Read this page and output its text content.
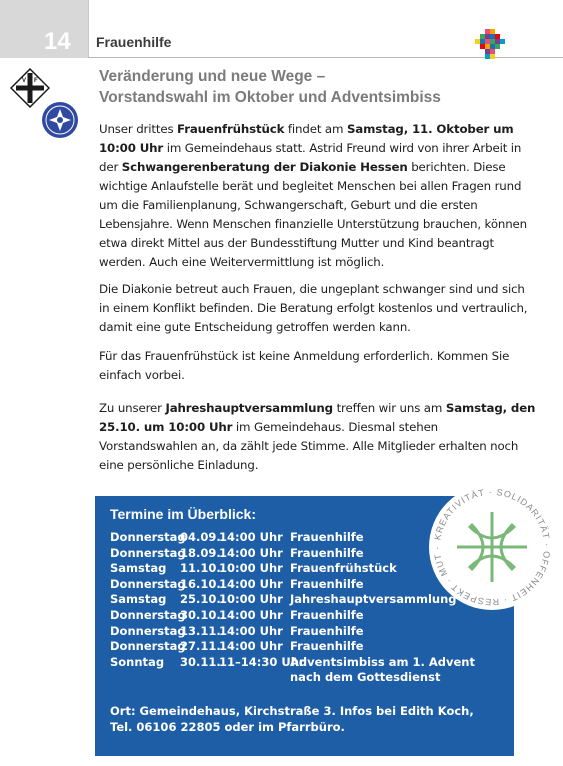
14 Frauenhilfe
V F	Veränderung und neue Wege –
Vorstandswahl im Oktober und Adventsimbiss

Unser drittes Frauenfrühstück findet am Samstag, 11. Oktober um 10:00 Uhr im Gemeindehaus statt. Astrid Freund wird von ihrer Arbeit in der Schwangerenberatung der Diakonie Hessen berichten. Diese wichtige Anlaufstelle berät und begleitet Menschen bei allen Fragen rund um die Familienplanung, Schwangerschaft, Geburt und die ersten Lebensjahre. Wenn Menschen finanzielle Unterstützung brauchen, können etwa direkt Mittel aus der Bundesstiftung Mutter und Kind beantragt werden. Auch eine Weitervermittlung ist möglich.

Die Diakonie betreut auch Frauen, die ungeplant schwanger sind und sich in einem Konflikt befinden. Die Beratung erfolgt kostenlos und vertraulich, damit eine gute Entscheidung getroffen werden kann.

Für das Frauenfrühstück ist keine Anmeldung erforderlich. Kommen Sie einfach vorbei.

Zu unserer Jahreshauptversammlung treffen wir uns am Samstag, den 25.10. um 10:00 Uhr im Gemeindehaus. Diesmal stehen Vorstandswahlen an, da zählt jede Stimme. Alle Mitglieder erhalten noch eine persönliche Einladung.

Termine im Überblick:
Donnerstag
04.09.
14:00 Uhr Frauenhilfe
Donnerstag
18.09.
14:00 Uhr Frauenhilfe
Samstag 11.10.
10:00 Uhr Frauenfrühstück
Donnerstag
16.10.
14:00 Uhr Frauenhilfe
Samstag 25.10.
10:00 Uhr Jahreshauptversammlung
Donnerstag
30.10.
14:00 Uhr Frauenhilfe
Donnerstag
13.11.
14:00 Uhr Frauenhilfe
Donnerstag
27.11.
14:00 Uhr Frauenhilfe
Sonntag 30.11.
11–14:30 Uhr
Adventsimbiss am 1. Advent
nach dem Gottesdienst
Ort: Gemeindehaus, Kirchstraße 3. Infos bei Edith Koch,
Tel. 06106 22805 oder im Pfarrbüro.
KREATIVITÄT · SOLIDARITÄT · OFFENHEIT · RESPEKT · MUT ·
